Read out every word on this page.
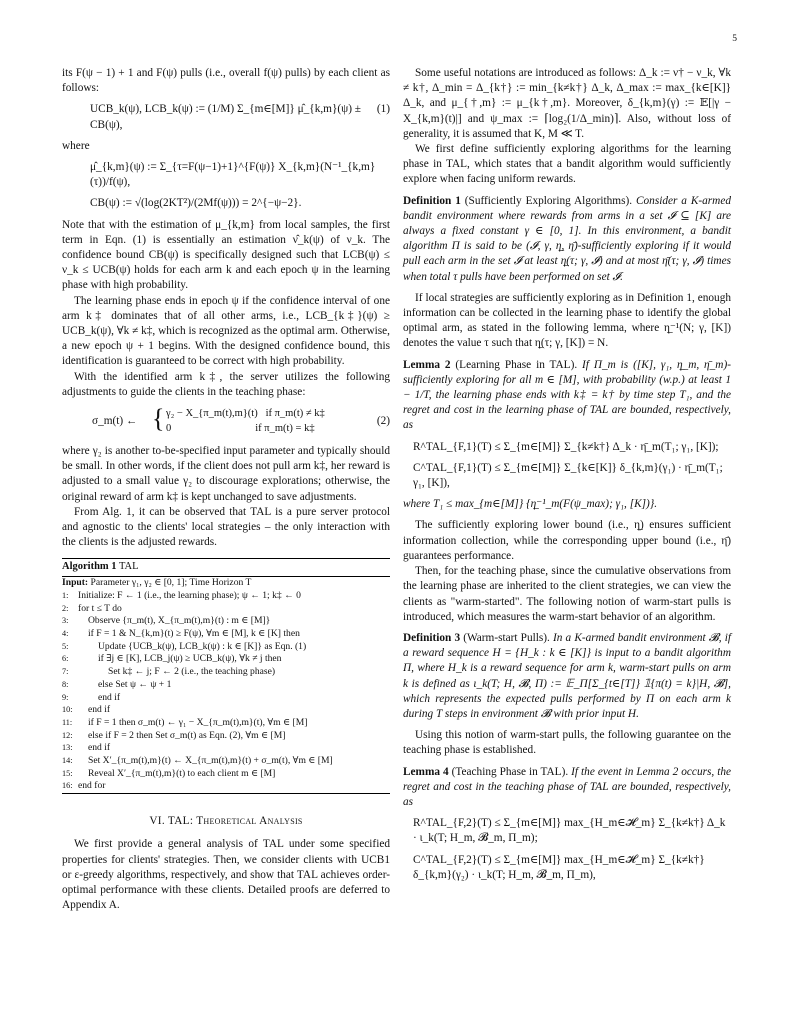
5

its F(ψ − 1) + 1 and F(ψ) pulls (i.e., overall f(ψ) pulls) by each client as follows:

UCB_k(ψ), LCB_k(ψ) := (1/M) Σ_{m∈[M]} μ̂_{k,m}(ψ) ± CB(ψ),
(1)

where

μ̂_{k,m}(ψ) := Σ_{τ=F(ψ−1)+1}^{F(ψ)} X_{k,m}(N⁻¹_{k,m}(τ))/f(ψ),
CB(ψ) := √(log(2KT²)/(2Mf(ψ))) = 2^{−ψ−2}.

Note that with the estimation of μ_{k,m} from local samples, the first term in Eqn. (1) is essentially an estimation ν̂_k(ψ) of ν_k. The confidence bound CB(ψ) is specifically designed such that LCB(ψ) ≤ ν_k ≤ UCB(ψ) holds for each arm k and each epoch ψ in the learning phase with high probability.

The learning phase ends in epoch ψ if the confidence interval of one arm k‡ dominates that of all other arms, i.e., LCB_{k‡}(ψ) ≥ UCB_k(ψ), ∀k ≠ k‡, which is recognized as the optimal arm. Otherwise, a new epoch ψ + 1 begins. With the designed confidence bound, this identification is guaranteed to be correct with high probability.

With the identified arm k‡, the server utilizes the following adjustments to guide the clients in the teaching phase:

σ_m(t) ← { γ₂ − X_{π_m(t),m}(t)   if π_m(t) ≠ k‡
0                                if π_m(t) = k‡
(2)

where γ₂ is another to-be-specified input parameter and typically should be small. In other words, if the client does not pull arm k‡, her reward is adjusted to a small value γ₂ to discourage explorations; otherwise, the original reward of arm k‡ is kept unchanged to save adjustments.

From Alg. 1, it can be observed that TAL is a pure server protocol and agnostic to the clients' local strategies – the only interaction with the clients is the adjusted rewards.

Algorithm 1 TAL
Input:
Parameter γ₁, γ₂ ∈ [0, 1]; Time Horizon T
1:	Initialize: F ← 1 (i.e., the learning phase); ψ ← 1; k‡ ← 0
2:	for t ≤ T do
3:	Observe {π_m(t), X_{π_m(t),m}(t) : m ∈ [M]}
4:	if F = 1 & N_{k,m}(t) ≥ F(ψ), ∀m ∈ [M], k ∈ [K] then
5:	Update {UCB_k(ψ), LCB_k(ψ) : k ∈ [K]} as Eqn. (1)
6:	if ∃j ∈ [K], LCB_j(ψ) ≥ UCB_k(ψ), ∀k ≠ j then
7:	Set k‡ ← j; F ← 2 (i.e., the teaching phase)
8:	else Set ψ ← ψ + 1
9:	end if
10:	end if
11:	if F = 1 then σ_m(t) ← γ₁ − X_{π_m(t),m}(t), ∀m ∈ [M]
12:	else if F = 2 then Set σ_m(t) as Eqn. (2), ∀m ∈ [M]
13:	end if
14:	Set X′_{π_m(t),m}(t) ← X_{π_m(t),m}(t) + σ_m(t), ∀m ∈ [M]
15:	Reveal X′_{π_m(t),m}(t) to each client m ∈ [M]
16: end for
VI. TAL: Theoretical Analysis

We first provide a general analysis of TAL under some specified properties for clients' strategies. Then, we consider clients with UCB1 or ε-greedy algorithms, respectively, and show that TAL achieves order-optimal performance with these clients. Detailed proofs are deferred to Appendix A.

Some useful notations are introduced as follows: Δ_k := ν† − ν_k, ∀k ≠ k†, Δ_min = Δ_{k†} := min_{k≠k†} Δ_k, Δ_max := max_{k∈[K]} Δ_k, and μ_{†,m} := μ_{k†,m}. Moreover, δ_{k,m}(γ) := 𝔼[|γ − X_{k,m}(t)|] and ψ_max := ⌈log₂(1/Δ_min)⌉. Also, without loss of generality, it is assumed that K, M ≪ T.

We first define sufficiently exploring algorithms for the learning phase in TAL, which states that a bandit algorithm would sufficiently explore when facing uniform rewards.

Definition 1 (Sufficiently Exploring Algorithms). Consider a K-armed bandit environment where rewards from arms in a set 𝓘 ⊆ [K] are always a fixed constant γ ∈ [0, 1]. In this environment, a bandit algorithm Π is said to be (𝓘, γ, η̲, η̄)-sufficiently exploring if it would pull each arm in the set 𝓘 at least η̲(τ; γ, 𝓘) and at most η̄(τ; γ, 𝓘) times when total τ pulls have been performed on set 𝓘.

If local strategies are sufficiently exploring as in Definition 1, enough information can be collected in the learning phase to identify the global optimal arm, as stated in the following lemma, where η̲⁻¹(N; γ, [K]) denotes the value τ such that η̲(τ; γ, [K]) = N.

Lemma 2 (Learning Phase in TAL). If Π_m is ([K], γ₁, η̲_m, η̄_m)-sufficiently exploring for all m ∈ [M], with probability (w.p.) at least 1 − 1/T, the learning phase ends with k‡ = k† by time step T₁, and the regret and cost in the learning phase of TAL are bounded, respectively, as

R^TAL_{F,1}(T) ≤ Σ_{m∈[M]} Σ_{k≠k†} Δ_k · η̄_m(T₁; γ₁, [K]);
C^TAL_{F,1}(T) ≤ Σ_{m∈[M]} Σ_{k∈[K]} δ_{k,m}(γ₁) · η̄_m(T₁; γ₁, [K]),

where T₁ ≤ max_{m∈[M]} {η̲⁻¹_m(F(ψ_max); γ₁, [K])}.

The sufficiently exploring lower bound (i.e., η̲) ensures sufficient information collection, while the corresponding upper bound (i.e., η̄) guarantees performance.

Then, for the teaching phase, since the cumulative observations from the learning phase are inherited to the client strategies, we can view the clients as "warm-started". The following notion of warm-start pulls is introduced, which measures the warm-start behavior of an algorithm.

Definition 3 (Warm-start Pulls). In a K-armed bandit environment 𝓑, if a reward sequence H = {H_k : k ∈ [K]} is input to a bandit algorithm Π, where H_k is a reward sequence for arm k, warm-start pulls on arm k is defined as ι_k(T; H, 𝓑, Π) := 𝔼_Π[Σ_{t∈[T]} 𝟙{π(t) = k}|H, 𝓑], which represents the expected pulls performed by Π on each arm k during T steps in environment 𝓑 with prior input H.

Using this notion of warm-start pulls, the following guarantee on the teaching phase is established.

Lemma 4 (Teaching Phase in TAL). If the event in Lemma 2 occurs, the regret and cost in the teaching phase of TAL are bounded, respectively, as

R^TAL_{F,2}(T) ≤ Σ_{m∈[M]} max_{H_m∈𝓗_m} Σ_{k≠k†} Δ_k · ι_k(T; H_m, 𝓑_m, Π_m);
C^TAL_{F,2}(T) ≤ Σ_{m∈[M]} max_{H_m∈𝓗_m} Σ_{k≠k†} δ_{k,m}(γ₂) · ι_k(T; H_m, 𝓑_m, Π_m),
